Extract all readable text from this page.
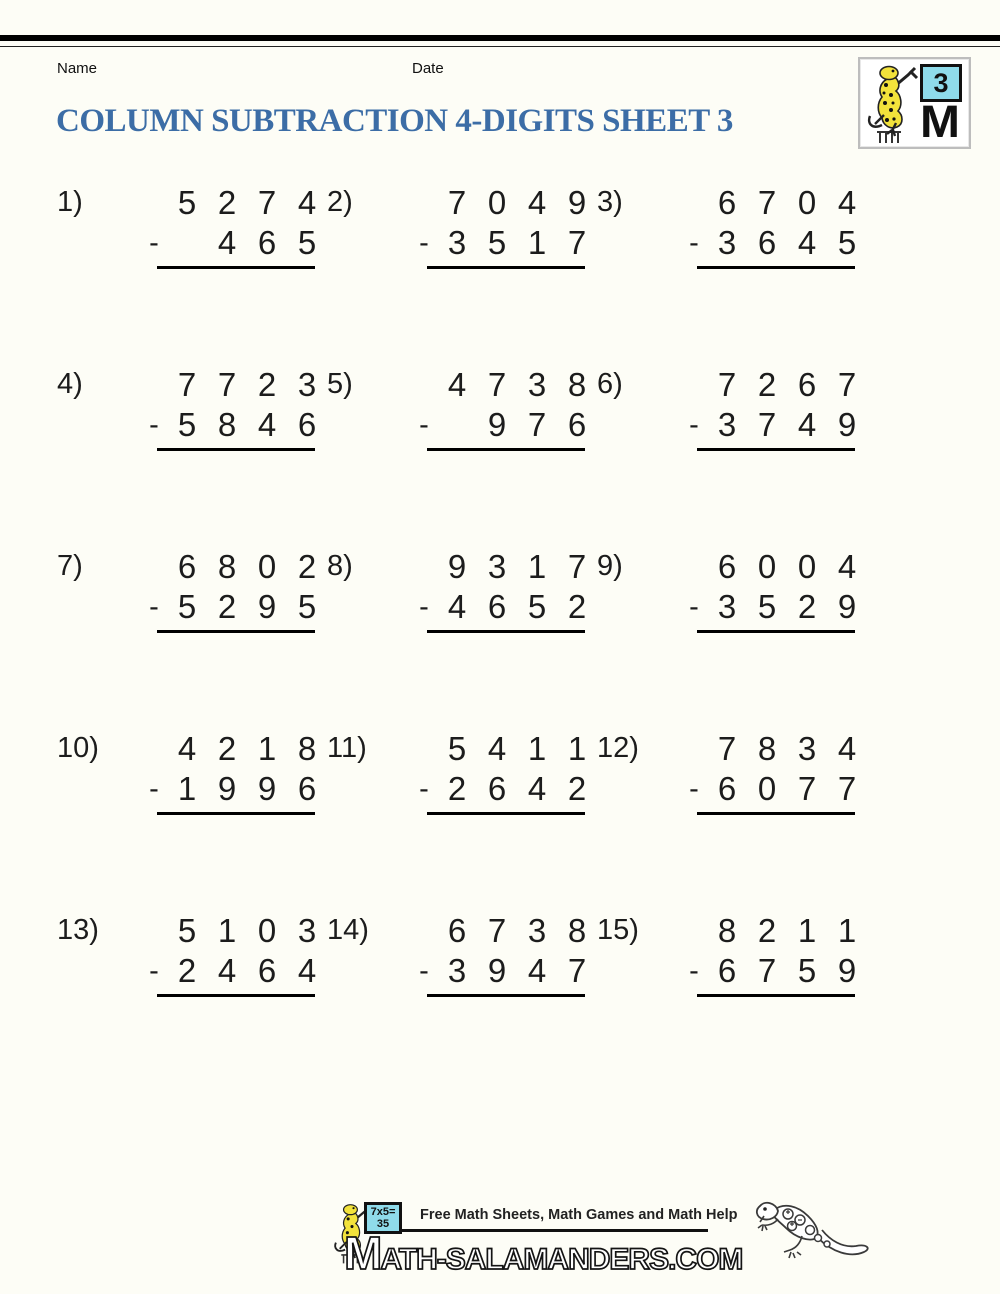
Name	Date	3
M
COLUMN SUBTRACTION 4-DIGITS SHEET 3
1)	5 2 7 4
-	4 6 5
2)	7 0 4 9
- 3 5 1 7
3)	6 7 0 4
- 3 6 4 5
4)	7 7 2 3
- 5 8 4 6
5)	4 7 3 8
-	9 7 6
6)	7 2 6 7
- 3 7 4 9
7)	6 8 0 2
- 5 2 9 5
8)	9 3 1 7
- 4 6 5 2
9)	6 0 0 4
- 3 5 2 9
10)	4 2 1 8
- 1 9 9 6
11)	5 4 1 1
- 2 6 4 2
12)	7 8 3 4
- 6 0 7 7
13)	5 1 0 3
- 2 4 6 4
14)	6 7 3 8
- 3 9 4 7
15)	8 2 1 1
- 6 7 5 9
7x5=
35
Free Math Sheets, Math Games and Math Help
M ATH-SALAMANDERS.COM
